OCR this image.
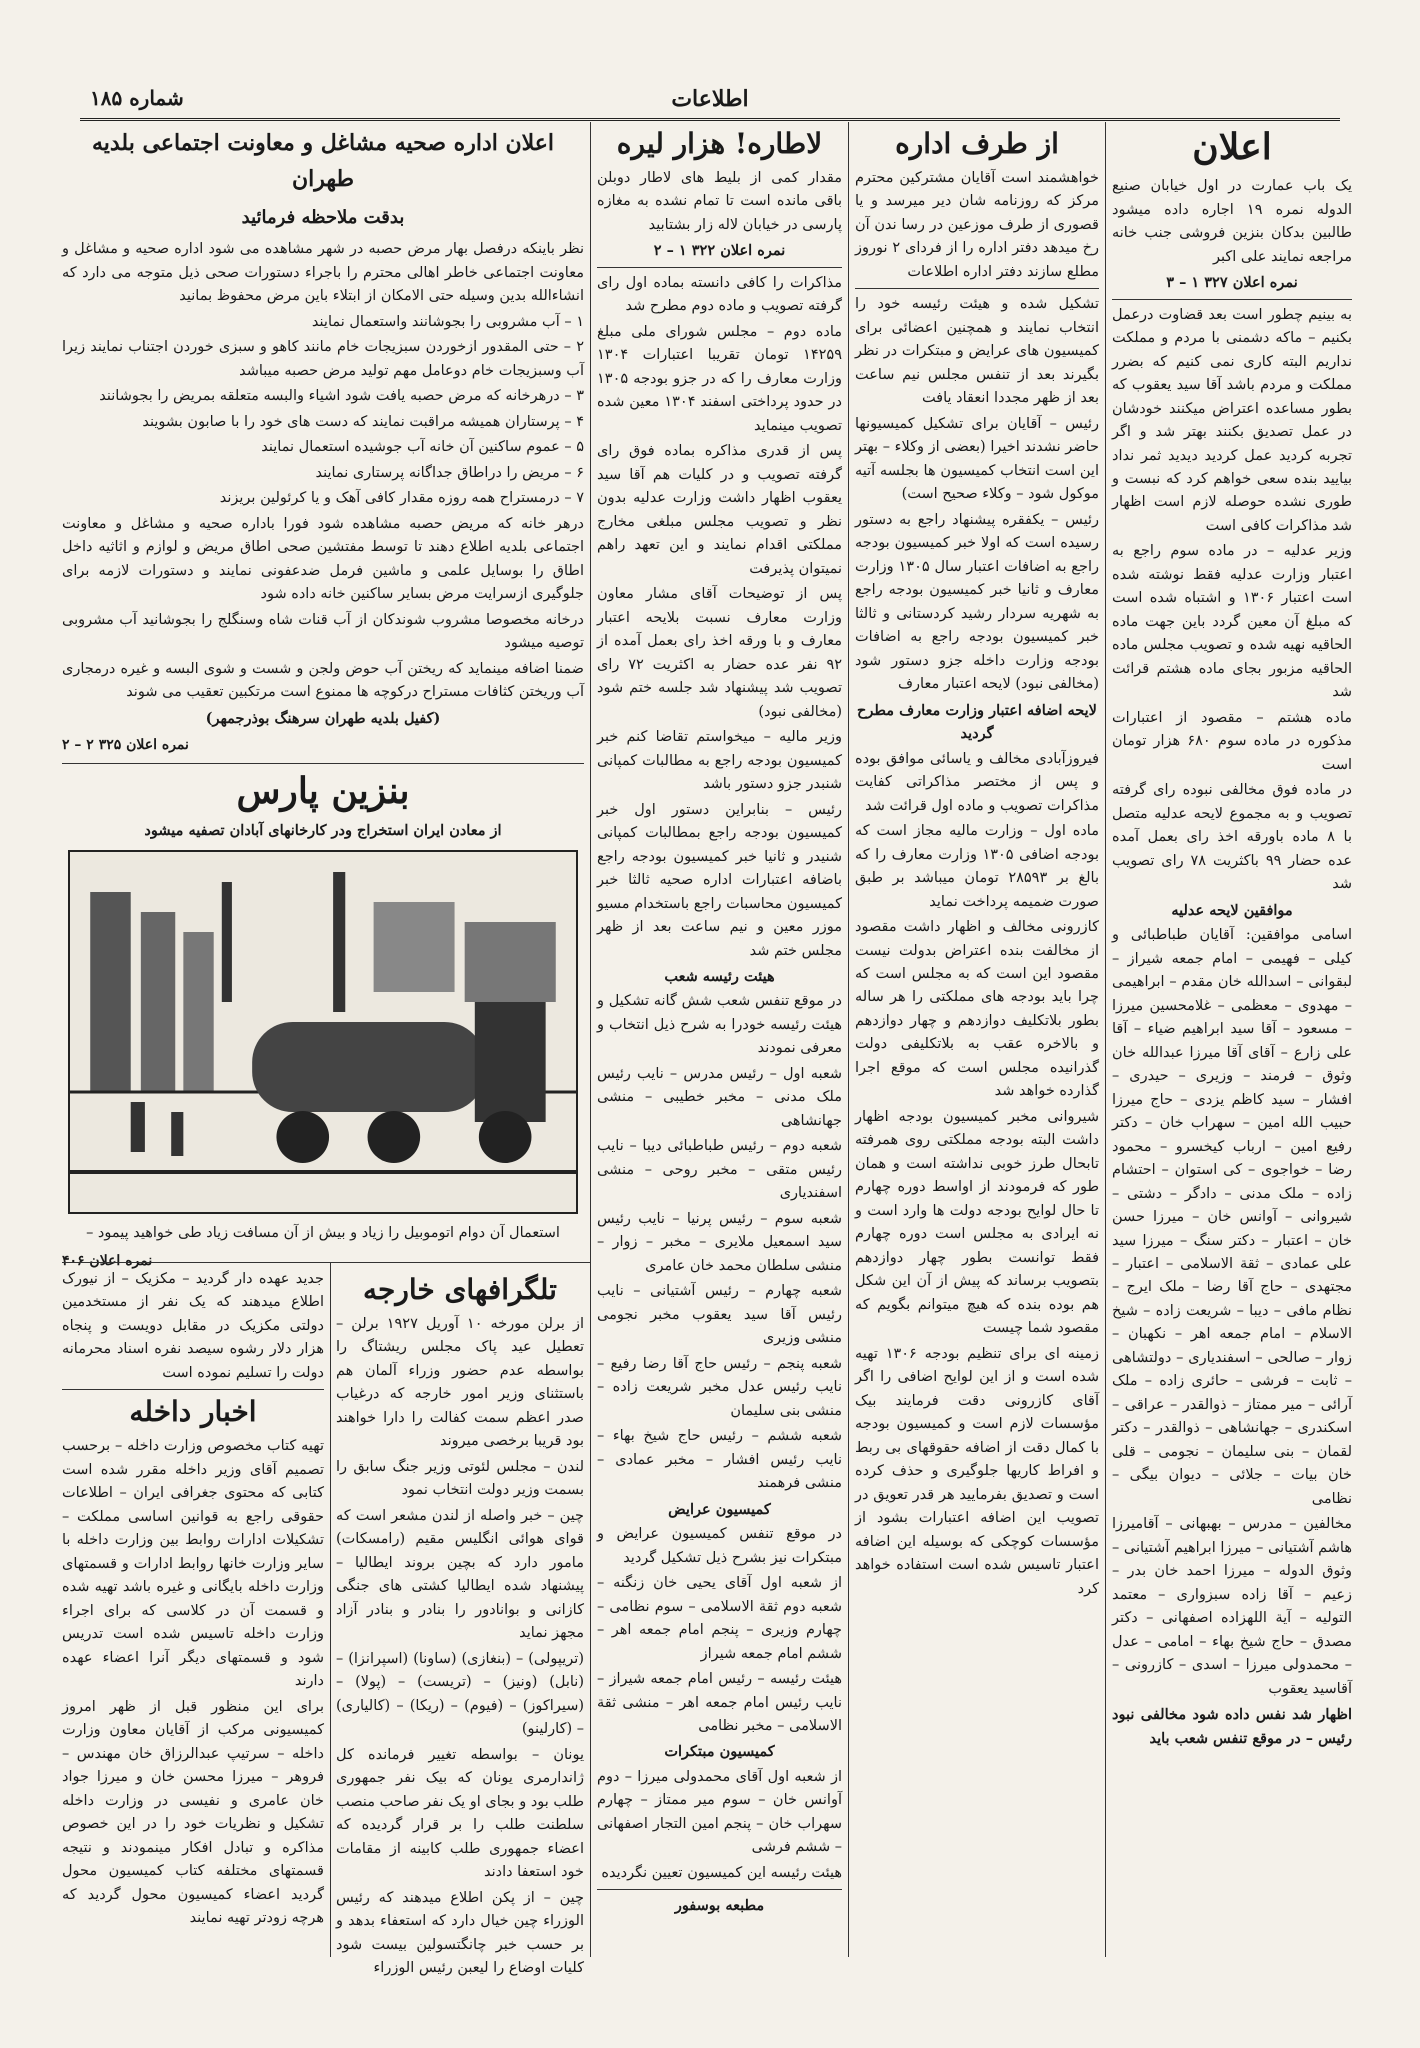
اطلاعات
شماره ۱۸۵
اعلان

یک باب عمارت در اول خیابان صنیع الدوله نمره ۱۹ اجاره داده میشود طالبین بدکان بنزین فروشی جنب خانه مراجعه نمایند علی اکبر

نمره اعلان ۳۲۷ ۱ – ۳

به بینیم چطور است بعد قضاوت درعمل بکنیم – ماکه دشمنی با مردم و مملکت نداریم البته کاری نمی کنیم که بضرر مملکت و مردم باشد آقا سید یعقوب که بطور مساعده اعتراض میکنند خودشان در عمل تصدیق بکنند بهتر شد و اگر تجربه کردید عمل کردید دیدید ثمر نداد بیایید بنده سعی خواهم کرد که نبست و طوری نشده حوصله لازم است اظهار شد مذاکرات کافی است

وزیر عدلیه – در ماده سوم راجع به اعتبار وزارت عدلیه فقط نوشته شده است اعتبار ۱۳۰۶ و اشتباه شده است که مبلغ آن معین گردد باین جهت ماده الحاقیه نهیه شده و تصویب مجلس ماده الحاقیه مزبور بجای ماده هشتم قرائت شد

ماده هشتم – مقصود از اعتبارات مذکوره در ماده سوم ۶۸۰ هزار تومان است

در ماده فوق مخالفی نبوده رای گرفته تصویب و به مجموع لایحه عدلیه متصل با ۸ ماده باورقه اخذ رای بعمل آمده عده حضار ۹۹ باکثریت ۷۸ رای تصویب شد

موافقین لایحه عدلیه

اسامی موافقین: آقایان طباطبائی و کیلی – فهیمی – امام جمعه شیراز – لبقوانی – اسدالله خان مقدم – ابراهیمی – مهدوی – معظمی – غلامحسین میرزا – مسعود – آقا سید ابراهیم ضیاء – آقا علی زارع – آقای آقا میرزا عبدالله خان وثوق – فرمند – وزیری – حیدری – افشار – سید کاظم یزدی – حاج میرزا حبیب الله امین – سهراب خان – دکتر رفیع امین – ارباب کیخسرو – محمود رضا – خواجوی – کی استوان – احتشام زاده – ملک مدنی – دادگر – دشتی – شیروانی – آوانس خان – میرزا حسن خان – اعتبار – دکتر سنگ – میرزا سید علی عمادی – ثقة الاسلامی – اعتبار – مجتهدی – حاج آقا رضا – ملک ایرج – نظام مافی – دیبا – شریعت زاده – شیخ الاسلام – امام جمعه اهر – نکهبان – زوار – صالحی – اسفندیاری – دولتشاهی – ثابت – فرشی – حائری زاده – ملک آرائی – میر ممتاز – ذوالقدر – عراقی – اسکندری – جهانشاهی – ذوالقدر – دکتر لقمان – بنی سلیمان – نجومی – قلی خان بیات – جلائی – دیوان بیگی – نظامی

مخالفین – مدرس – بهبهانی – آقامیرزا هاشم آشتیانی – میرزا ابراهیم آشتیانی – وثوق الدوله – میرزا احمد خان بدر – زعیم – آقا زاده سبزواری – معتمد التولیه – آیة اللهزاده اصفهانی – دکتر مصدق – حاج شیخ بهاء – امامی – عدل – محمدولی میرزا – اسدی – کازرونی – آقاسید یعقوب

اظهار شد نفس داده شود مخالفی نبود رئیس – در موقع تنفس شعب باید

از طرف اداره

خواهشمند است آقایان مشترکین محترم مرکز که روزنامه شان دیر میرسد و یا قصوری از طرف موزعین در رسا ندن آن رخ میدهد دفتر اداره را از فردای ۲ نوروز مطلع سازند دفتر اداره اطلاعات

تشکیل شده و هیئت رئیسه خود را انتخاب نمایند و همچنین اعضائی برای کمیسیون های عرایض و مبتکرات در نظر بگیرند بعد از تنفس مجلس نیم ساعت بعد از ظهر مجددا انعقاد یافت

رئیس – آقایان برای تشکیل کمیسیونها حاضر نشدند اخیرا (بعضی از وکلاء – بهتر این است انتخاب کمیسیون ها بجلسه آتیه موکول شود – وکلاء صحیح است)

رئیس – یکفقره پیشنهاد راجع به دستور رسیده است که اولا خبر کمیسیون بودجه راجع به اضافات اعتبار سال ۱۳۰۵ وزارت معارف و ثانیا خبر کمیسیون بودجه راجع به شهریه سردار رشید کردستانی و ثالثا خبر کمیسیون بودجه راجع به اضافات بودجه وزارت داخله جزو دستور شود (مخالفی نبود) لایحه اعتبار معارف

لایحه اضافه اعتبار وزارت معارف مطرح گردید

فیروزآبادی مخالف و یاسائی موافق بوده و پس از مختصر مذاکراتی کفایت مذاکرات تصویب و ماده اول قرائت شد

ماده اول – وزارت مالیه مجاز است که بودجه اضافی ۱۳۰۵ وزارت معارف را که بالغ بر ۲۸۵۹۳ تومان میباشد بر طبق صورت ضمیمه پرداخت نماید

کازرونی مخالف و اظهار داشت مقصود از مخالفت بنده اعتراض بدولت نیست مقصود این است که به مجلس است که چرا باید بودجه های مملکتی را هر ساله بطور بلاتکلیف دوازدهم و چهار دوازدهم و بالاخره عقب به بلاتکلیفی دولت گذرانیده مجلس است که موقع اجرا گذارده خواهد شد

شیروانی مخبر کمیسیون بودجه اظهار داشت البته بودجه مملکتی روی همرفته تابحال طرز خوبی نداشته است و همان طور که فرمودند از اواسط دوره چهارم تا حال لوایح بودجه دولت ها وارد است و نه ایرادی به مجلس است دوره چهارم فقط توانست بطور چهار دوازدهم بتصویب برساند که پیش از آن این شکل هم بوده بنده که هیچ میتوانم بگویم که مقصود شما چیست

زمینه ای برای تنظیم بودجه ۱۳۰۶ تهیه شده است و از این لوایح اضافی را اگر آقای کازرونی دقت فرمایند بیک مؤسسات لازم است و کمیسیون بودجه با کمال دقت از اضافه حقوقهای بی ربط و افراط کاریها جلوگیری و حذف کرده است و تصدیق بفرمایید هر قدر تعویق در تصویب این اضافه اعتبارات بشود از مؤسسات کوچکی که بوسیله این اضافه اعتبار تاسیس شده است استفاده خواهد کرد

لاطاره! هزار لیره

مقدار کمی از بلیط های لاطار دوبلن باقی مانده است تا تمام نشده به مغازه پارسی در خیابان لاله زار بشتابید

نمره اعلان ۳۲۲ ۱ – ۲

مذاکرات را کافی دانسته بماده اول رای گرفته تصویب و ماده دوم مطرح شد

ماده دوم – مجلس شورای ملی مبلغ ۱۴۲۵۹ تومان تقریبا اعتبارات ۱۳۰۴ وزارت معارف را که در جزو بودجه ۱۳۰۵ در حدود پرداختی اسفند ۱۳۰۴ معین شده تصویب مینماید

پس از قدری مذاکره بماده فوق رای گرفته تصویب و در کلیات هم آقا سید یعقوب اظهار داشت وزارت عدلیه بدون نظر و تصویب مجلس مبلغی مخارج مملکتی اقدام نمایند و این تعهد راهم نمیتوان پذیرفت

پس از توضیحات آقای مشار معاون وزارت معارف نسبت بلایحه اعتبار معارف و با ورقه اخذ رای بعمل آمده از ۹۲ نفر عده حضار به اکثریت ۷۲ رای تصویب شد پیشنهاد شد جلسه ختم شود (مخالفی نبود)

وزیر مالیه – میخواستم تقاضا کنم خبر کمیسیون بودجه راجع به مطالبات کمپانی شنبدر جزو دستور باشد

رئیس – بنابراین دستور اول خبر کمیسیون بودجه راجع بمطالبات کمپانی شنیدر و ثانیا خبر کمیسیون بودجه راجع باضافه اعتبارات اداره صحیه ثالثا خبر کمیسیون محاسبات راجع باستخدام مسیو موزر معین و نیم ساعت بعد از ظهر مجلس ختم شد

هیئت رئیسه شعب

در موقع تنفس شعب شش گانه تشکیل و هیئت رئیسه خودرا به شرح ذیل انتخاب و معرفی نمودند

شعبه اول – رئیس مدرس – نایب رئیس ملک مدنی – مخبر خطیبی – منشی جهانشاهی

شعبه دوم – رئیس طباطبائی دیبا – نایب رئیس متقی – مخبر روحی – منشی اسفندیاری

شعبه سوم – رئیس پرنیا – نایب رئیس سید اسمعیل ملایری – مخبر – زوار – منشی سلطان محمد خان عامری

شعبه چهارم – رئیس آشتیانی – نایب رئیس آقا سید یعقوب مخبر نجومی منشی وزیری

شعبه پنجم – رئیس حاج آقا رضا رفیع – نایب رئیس عدل مخبر شریعت زاده – منشی بنی سلیمان

شعبه ششم – رئیس حاج شیخ بهاء – نایب رئیس افشار – مخبر عمادی – منشی فرهمند

کمیسیون عرایض

در موقع تنفس کمیسیون عرایض و مبتکرات نیز بشرح ذیل تشکیل گردید

از شعبه اول آقای یحیی خان زنگنه – شعبه دوم ثقة الاسلامی – سوم نظامی – چهارم وزیری – پنجم امام جمعه اهر – ششم امام جمعه شیراز

هیئت رئیسه – رئیس امام جمعه شیراز – نایب رئیس امام جمعه اهر – منشی ثقة الاسلامی – مخبر نظامی

کمیسیون مبتکرات

از شعبه اول آقای محمدولی میرزا – دوم آوانس خان – سوم میر ممتاز – چهارم سهراب خان – پنجم امین التجار اصفهانی – ششم فرشی

هیئت رئیسه این کمیسیون تعیین نگردیده

مطبعه بوسفور

اعلان اداره صحیه مشاغل و معاونت اجتماعی بلدیه طهران
بدقت ملاحظه فرمائید

نظر باینکه درفصل بهار مرض حصبه در شهر مشاهده می شود اداره صحیه و مشاغل و معاونت اجتماعی خاطر اهالی محترم را باجراء دستورات صحی ذیل متوجه می دارد که انشاءالله بدین وسیله حتی الامکان از ابتلاء باین مرض محفوظ بمانید

۱ – آب مشروبی را بجوشانند واستعمال نمایند

۲ – حتی المقدور ازخوردن سبزیجات خام مانند کاهو و سبزی خوردن اجتناب نمایند زیرا آب وسبزیجات خام دوعامل مهم تولید مرض حصبه میباشد

۳ – درهرخانه که مرض حصبه یافت شود اشیاء والبسه متعلقه بمریض را بجوشانند

۴ – پرستاران همیشه مراقبت نمایند که دست های خود را با صابون بشویند

۵ – عموم ساکنین آن خانه آب جوشیده استعمال نمایند

۶ – مریض را دراطاق جداگانه پرستاری نمایند

۷ – درمستراح همه روزه مقدار کافی آهک و یا کرئولین بریزند

درهر خانه که مریض حصبه مشاهده شود فورا باداره صحیه و مشاغل و معاونت اجتماعی بلدیه اطلاع دهند تا توسط مفتشین صحی اطاق مریض و لوازم و اثاثیه داخل اطاق را بوسایل علمی و ماشین فرمل ضدعفونی نمایند و دستورات لازمه برای جلوگیری ازسرایت مرض بسایر ساکنین خانه داده شود

درخانه مخصوصا مشروب شوندکان از آب قنات شاه وسنگلج را بجوشانید آب مشروبی توصیه میشود

ضمنا اضافه مینماید که ریختن آب حوض ولجن و شست و شوی البسه و غیره درمجاری آب وریختن کثافات مستراح درکوچه ها ممنوع است مرتکبین تعقیب می شوند

(کفیل بلدیه طهران سرهنگ بوذرجمهر)

نمره اعلان ۳۲۵ ۲ – ۲

بنزین پارس

از معادن ایران استخراج ودر کارخانهای آبادان تصفیه میشود

استعمال آن دوام اتوموبیل را زیاد و بیش از آن مسافت زیاد طی خواهید پیمود –

نمره اعلان ۴۰۶

تلگرافهای خارجه

از برلن مورخه ۱۰ آوریل ۱۹۲۷ برلن – تعطیل عید پاک مجلس ریشتاگ را بواسطه عدم حضور وزراء آلمان هم باستثنای وزیر امور خارجه که درغیاب صدر اعظم سمت کفالت را دارا خواهند بود قریبا برخصی میروند

لندن – مجلس لئوتی وزیر جنگ سابق را بسمت وزیر دولت انتخاب نمود

چین – خبر واصله از لندن مشعر است که قوای هوائی انگلیس مقیم (رامسکات) مامور دارد که بچین بروند ایطالیا – پیشنهاد شده ایطالیا کشتی های جنگی کازانی و بوانادور را بنادر و بنادر آزاد مجهز نماید

(تریپولی) – (بنغازی) (ساونا) (اسپرانزا) – (نابل) (ونیز) – (تریست) – (پولا) – (سیراکوز) – (فیوم) – (ریکا) – (کالیاری) – (کارلینو)

یونان – بواسطه تغییر فرمانده کل ژاندارمری یونان که بیک نفر جمهوری طلب بود و بجای او یک نفر صاحب منصب سلطنت طلب را بر قرار گردیده که اعضاء جمهوری طلب کابینه از مقامات خود استعفا دادند

چین – از پکن اطلاع میدهند که رئیس الوزراء چین خیال دارد که استعفاء بدهد و بر حسب خبر چانگتسولین بیست شود کلیات اوضاع را لیعبن رئیس الوزراء

جدید عهده دار گردید – مکزیک – از نیورک اطلاع میدهند که یک نفر از مستخدمین دولتی مکزیک در مقابل دویست و پنجاه هزار دلار رشوه سیصد نفره اسناد محرمانه دولت را تسلیم نموده است

اخبار داخله

تهیه کتاب مخصوص وزارت داخله – برحسب تصمیم آقای وزیر داخله مقرر شده است کتابی که محتوی جغرافی ایران – اطلاعات حقوقی راجع به قوانین اساسی مملکت – تشکیلات ادارات روابط بین وزارت داخله با سایر وزارت خانها روابط ادارات و قسمتهای وزارت داخله بایگانی و غیره باشد تهیه شده و قسمت آن در کلاسی که برای اجراء وزارت داخله تاسیس شده است تدریس شود و قسمتهای دیگر آنرا اعضاء عهده دارند

برای این منظور قبل از ظهر امروز کمیسیونی مرکب از آقایان معاون وزارت داخله – سرتیپ عبدالرزاق خان مهندس – فروهر – میرزا محسن خان و میرزا جواد خان عامری و نفیسی در وزارت داخله تشکیل و نظریات خود را در این خصوص مذاکره و تبادل افکار مینمودند و نتیجه قسمتهای مختلفه کتاب کمیسیون محول گردید اعضاء کمیسیون محول گردید که هرچه زودتر تهیه نمایند
